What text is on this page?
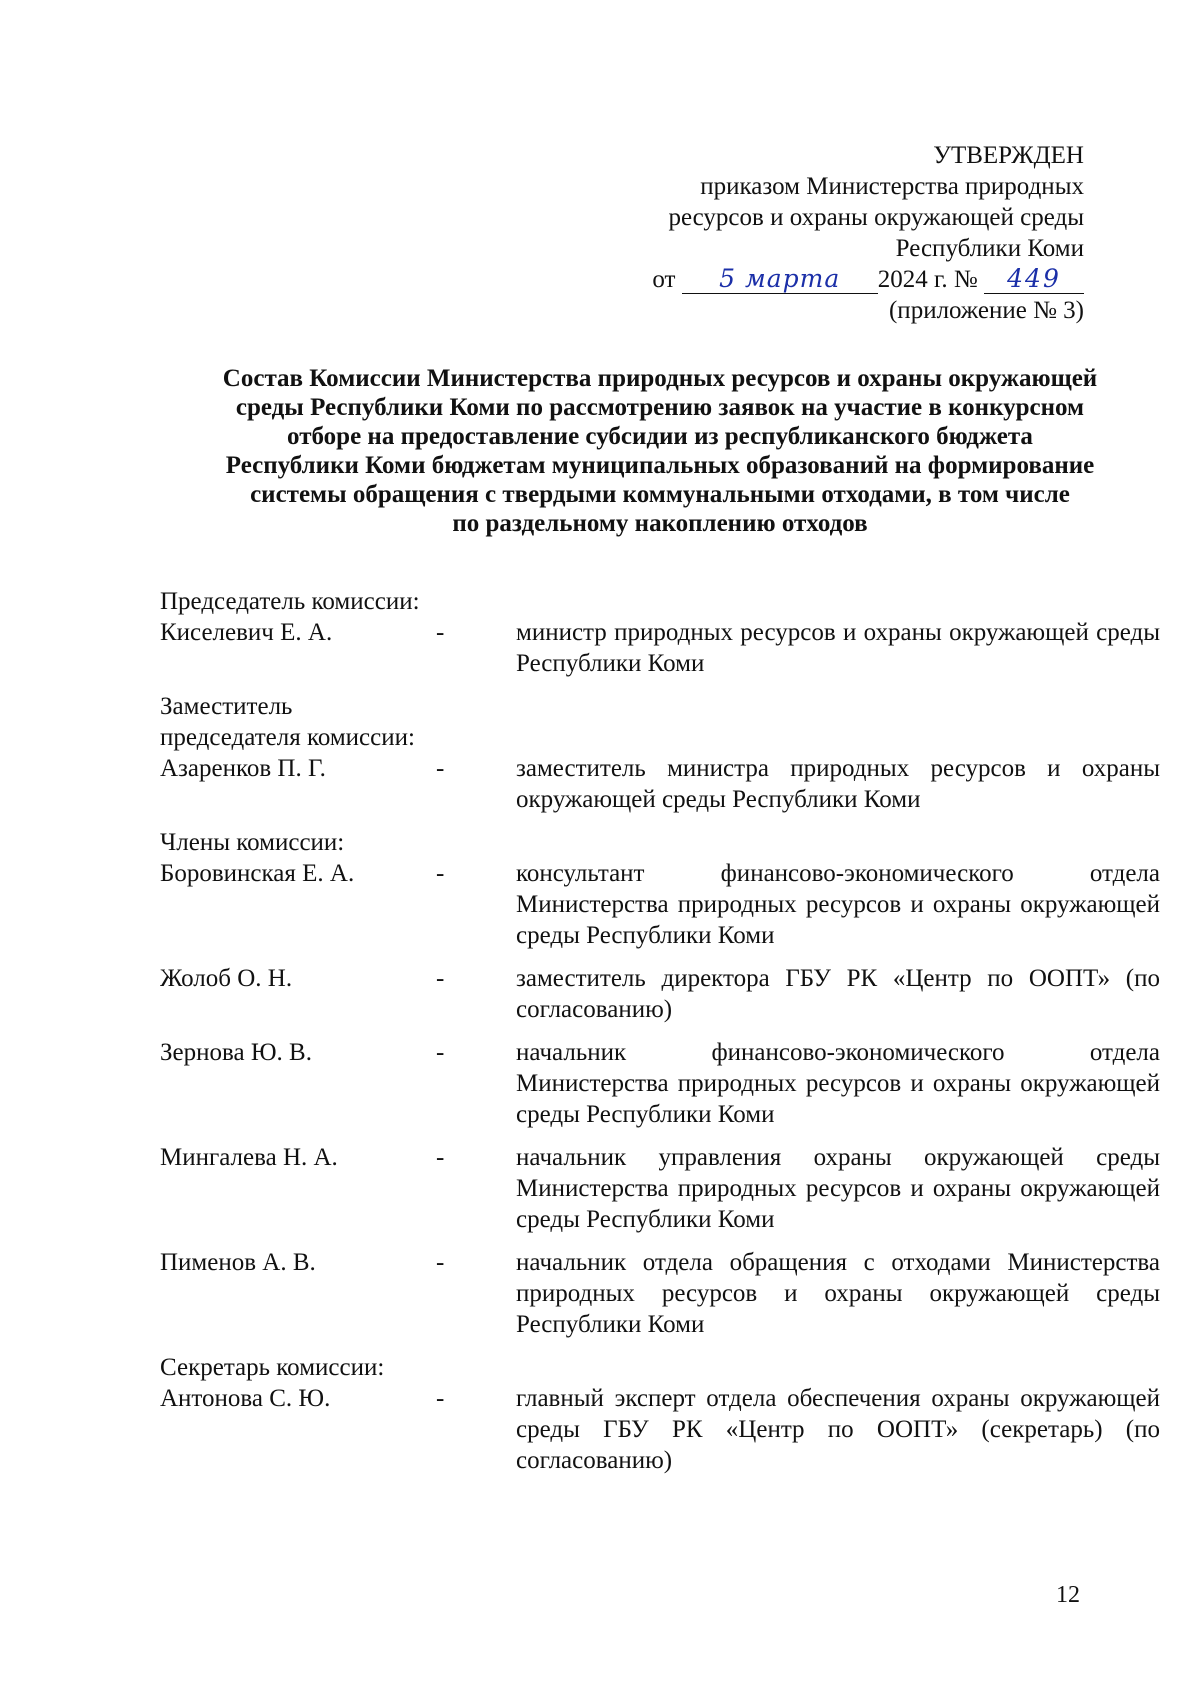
УТВЕРЖДЕН
приказом Министерства природных
ресурсов и охраны окружающей среды
Республики Коми
от 5 марта 2024 г. № 449
(приложение № 3)
Состав Комиссии Министерства природных ресурсов и охраны окружающей
среды Республики Коми по рассмотрению заявок на участие в конкурсном
отборе на предоставление субсидии из республиканского бюджета
Республики Коми бюджетам муниципальных образований на формирование
системы обращения с твердыми коммунальными отходами, в том числе
по раздельному накоплению отходов
Председатель комиссии:
Киселевич Е. А.	-	министр природных ресурсов и охраны окружающей среды Республики Коми
Заместитель председателя комиссии:
Азаренков П. Г.	-	заместитель министра природных ресурсов и охраны окружающей среды Республики Коми
Члены комиссии:
Боровинская Е. А.	-	консультант финансово-экономического отдела Министерства природных ресурсов и охраны окружающей среды Республики Коми
Жолоб О. Н.	-	заместитель директора ГБУ РК «Центр по ООПТ» (по согласованию)
Зернова Ю. В.	-	начальник финансово-экономического отдела Министерства природных ресурсов и охраны окружающей среды Республики Коми
Мингалева Н. А.	-	начальник управления охраны окружающей среды Министерства природных ресурсов и охраны окружающей среды Республики Коми
Пименов А. В.	-	начальник отдела обращения с отходами Министерства природных ресурсов и охраны окружающей среды Республики Коми
Секретарь комиссии:
Антонова С. Ю.	-	главный эксперт отдела обеспечения охраны окружающей среды ГБУ РК «Центр по ООПТ» (секретарь) (по согласованию)
12
